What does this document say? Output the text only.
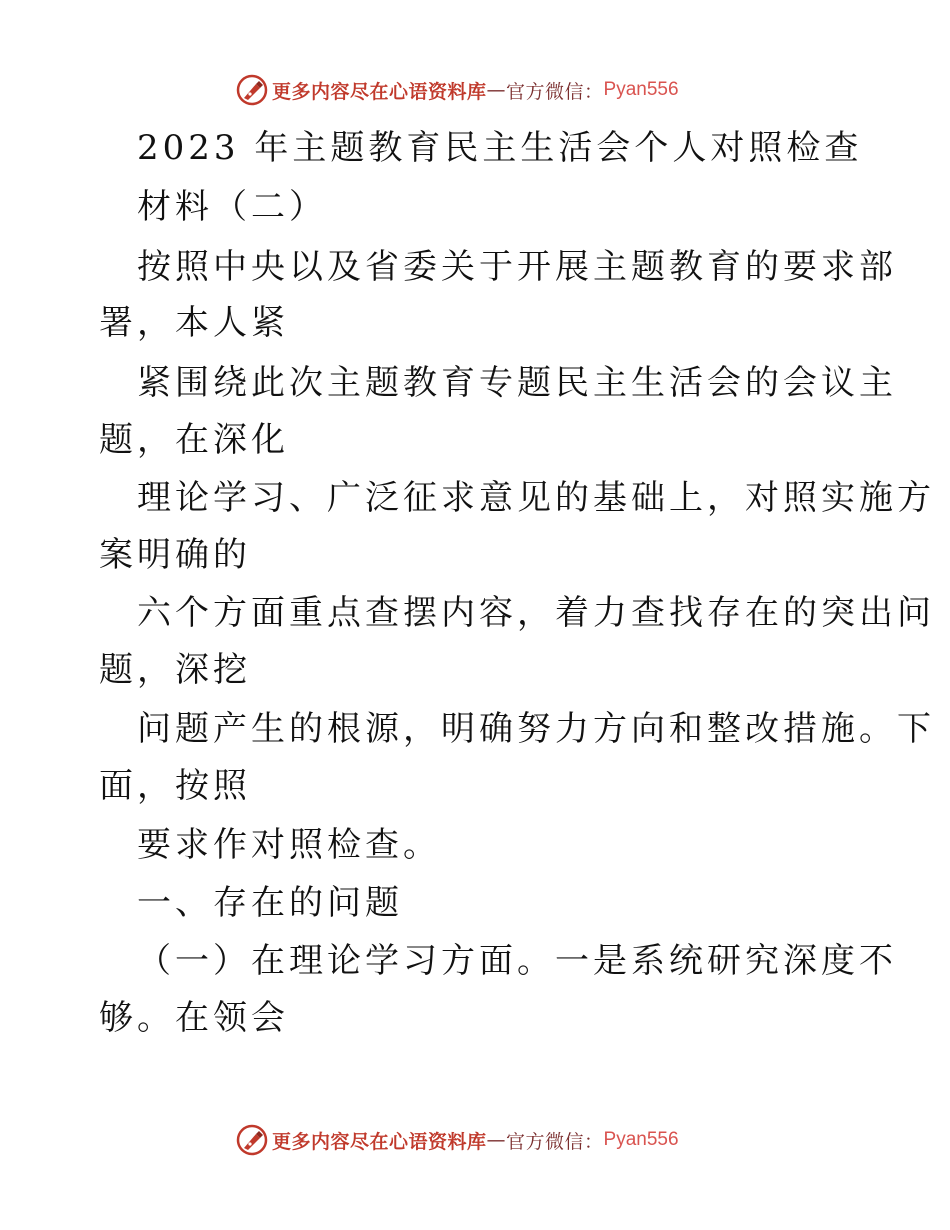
更多内容尽在心语资料库 — 官方微信： Pyan556
2023 年主题教育民主生活会个人对照检查
材料（二）
按照中央以及省委关于开展主题教育的要求部
署，本人紧
紧围绕此次主题教育专题民主生活会的会议主
题，在深化
理论学习、广泛征求意见的基础上，对照实施方
案明确的
六个方面重点查摆内容，着力查找存在的突出问
题，深挖
问题产生的根源，明确努力方向和整改措施。下
面，按照
要求作对照检查。
一、存在的问题
（一）在理论学习方面。一是系统研究深度不
够。在领会
更多内容尽在心语资料库 — 官方微信： Pyan556
